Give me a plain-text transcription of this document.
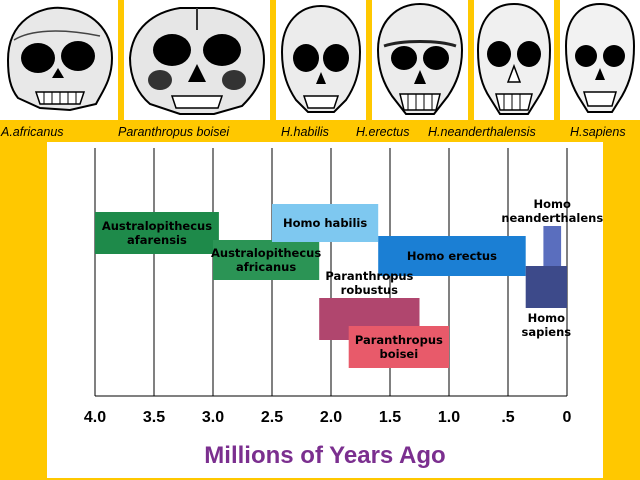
A.africanus	Paranthropus boisei	H.habilis H.erectus H.neanderthalensis	H.sapiens
4.0 3.5 3.0 2.5 2.0 1.5 1.0	.5	0
Australopithecus
afarensis
Australopithecus
africanus
Homo habilis
Homo erectus
Paranthropus
robustus
Paranthropus
boisei
Homo
neanderthalens
Homo
sapiens
Millions of Years Ago
